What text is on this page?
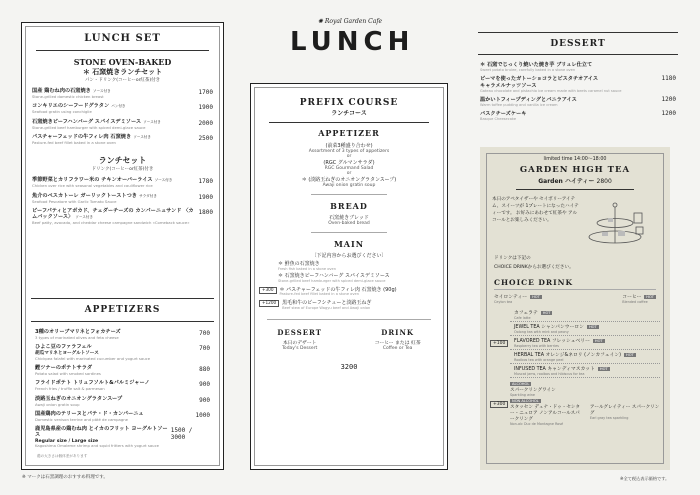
LUNCH SET
STONE OVEN-BAKED
＊ 石窯焼きランチセット
パン・ドリンク(コーヒーor紅茶)付き
国産 鶏むね肉の石窯焼き ソース付き
Stone-grilled domestic chicken breast
1700
コンキリエのシーフードグラタン パン付き
Seafood gratin using conchiglie
1900
石窯焼きビーフハンバーグ スパイスデミソース ソース付き
Stone-grilled beef hamburger with spiced demi-glace sauce
2000
パスチャーフェッドの牛フィレ肉 石窯焼き ソース付き
Pasture-fed beef fillet baked in a stone oven
2500
ランチセット
ドリンク(コーヒーor紅茶)付き
季節野菜とカリフラワー米の チキンオーバーライス ソース付き
Chicken over rice with seasonal vegetables and cauliflower rice
1780
魚介のペスカトーレ ガーリックトーストつき サラダ付き
Seafood Pescatore with Garlic Tomato Sauce
1900
ビーフパティとアボカド、チェダーチーズの カンパーニュサンド 〈カムバックソース〉 ソース付き
Beef patty, avocado, and cheddar cheese campagne sandwich «Comeback sauce»
1800
APPETIZERS
3種のオリーブマリネとフォカチーズ
3 types of marinated olives and feta cheese
700
ひよこ豆のファラフェル
胡瓜マリネとヨーグルトソース
Chickpea falafel with marinated cucumber and yogurt sauce
700
鰹ツナーのポテトサラダ
Potato salad with smoked sardines
880
フライドポテト トリュフソルト&パルミジャーノ
French fries / truffle salt & parmesan
900
淡路玉ねぎのオニオングラタンスープ
Awaji onion gratin soup
900
国産鶏肉のテリーヌとパテ・ド・カンパーニュ
Domestic venison terrine and pâté de campagne
1000
鹿児島県産の鶏むね肉 とイカのフリット ヨーグルトソース
Regular size / Large size
Kagoshima Omaleme shrimp and squid fritters with yogurt sauce
1500 / 3000
鶏の大きさは個体差があります
※ マークは石窯調理のおすすめ料理です。
✺ Royal Garden Cafe
LUNCH
PREFIX COURSE
ランチコース
APPETIZER
(前菜3種盛り合わせ)
Assortment of 3 types of appetizers
or
(RGC グルマンサラダ)
RGC Gourmand Salad
or
＊ (淡路玉ねぎのオニオングラタンスープ)
Awaji onion gratin soup
BREAD
石窯焼きブレッド
Oven-baked bread
MAIN
〔下記内容からお選びください〕
＊ 鮮魚の石窯焼き
Fresh fish baked in a stone oven
＊ 石窯焼きビーフハンバーグ スパイスデミソース
Stone-grilled beef hamburger with spiced demi-glace sauce
+300	＊ パスチャーフェッドの牛フィレ肉 石窯焼き (90g)
Pasture-fed beef fillet baked in a stone oven
+1200	黒毛和牛のビーフシチューと淡路玉ねぎ
Beef stew of Europe Wagyu beef and Awaji onion
DESSERT
本日のデザート
Today's Dessert
DRINK
コーヒー または 紅茶
Coffee or Tea
3200
DESSERT
＊ 石窯でじっくり焼いた焼き芋 ブリュレ仕立て
Sweet potato brulee, carefully baked in a stone oven
ピーマを使ったガトーショコラとピスタチオアイス
キャラメルナッツソース
Gateau chocolate and pistachio ice cream made with beets caramel nut sauce
1180
温かいトフィープディングとバニラアイス
Warm toffee pudding and vanilla ice cream
1200
バスクチーズケーキ
Basque Cheesecake
1200
limited time 14:00～18:00
GARDEN HIGH TEA
Garden ハイティー 2800
本日のアペタイザーや セイボリーアイテム、スイーツが 1プレートになったハイティーです。 お好みにあわせて紅茶や アルコールとお楽しみください。
ドリンクは下記の
CHOICE DRINKからお選びください。
CHOICE DRINK
セイロンティー HOT
Ceylon tea
コーヒー HOT
Blended coffee
+100
カフェラテ HOT
Cafe latte
JEWEL TEA シャンパンウーロン HOT
Oolong tea with mint and peony
FLAVORED TEA フレッシュベリー HOT
Raspberry tea with berries
HERBAL TEA オレンジ&ネロリ (ノンカフェイン) HOT
Rooibos tea with orange peel
INFUSED TEA キャンディマスカット HOT
Muscat jams, rooibos and hibiscus for tea
+300
ALCOHOL
スパークリングワイン
Sparkling wine
NON ALCOHOL
スタッセン デュナ・ドゥ・セシター・ニュロア ノンアルコールスパークリング
Non-alc Duc de Montagne Rosé
アールグレイティー スパークリング
Earl gray tea sparkling
※全て税込表示価格です。
